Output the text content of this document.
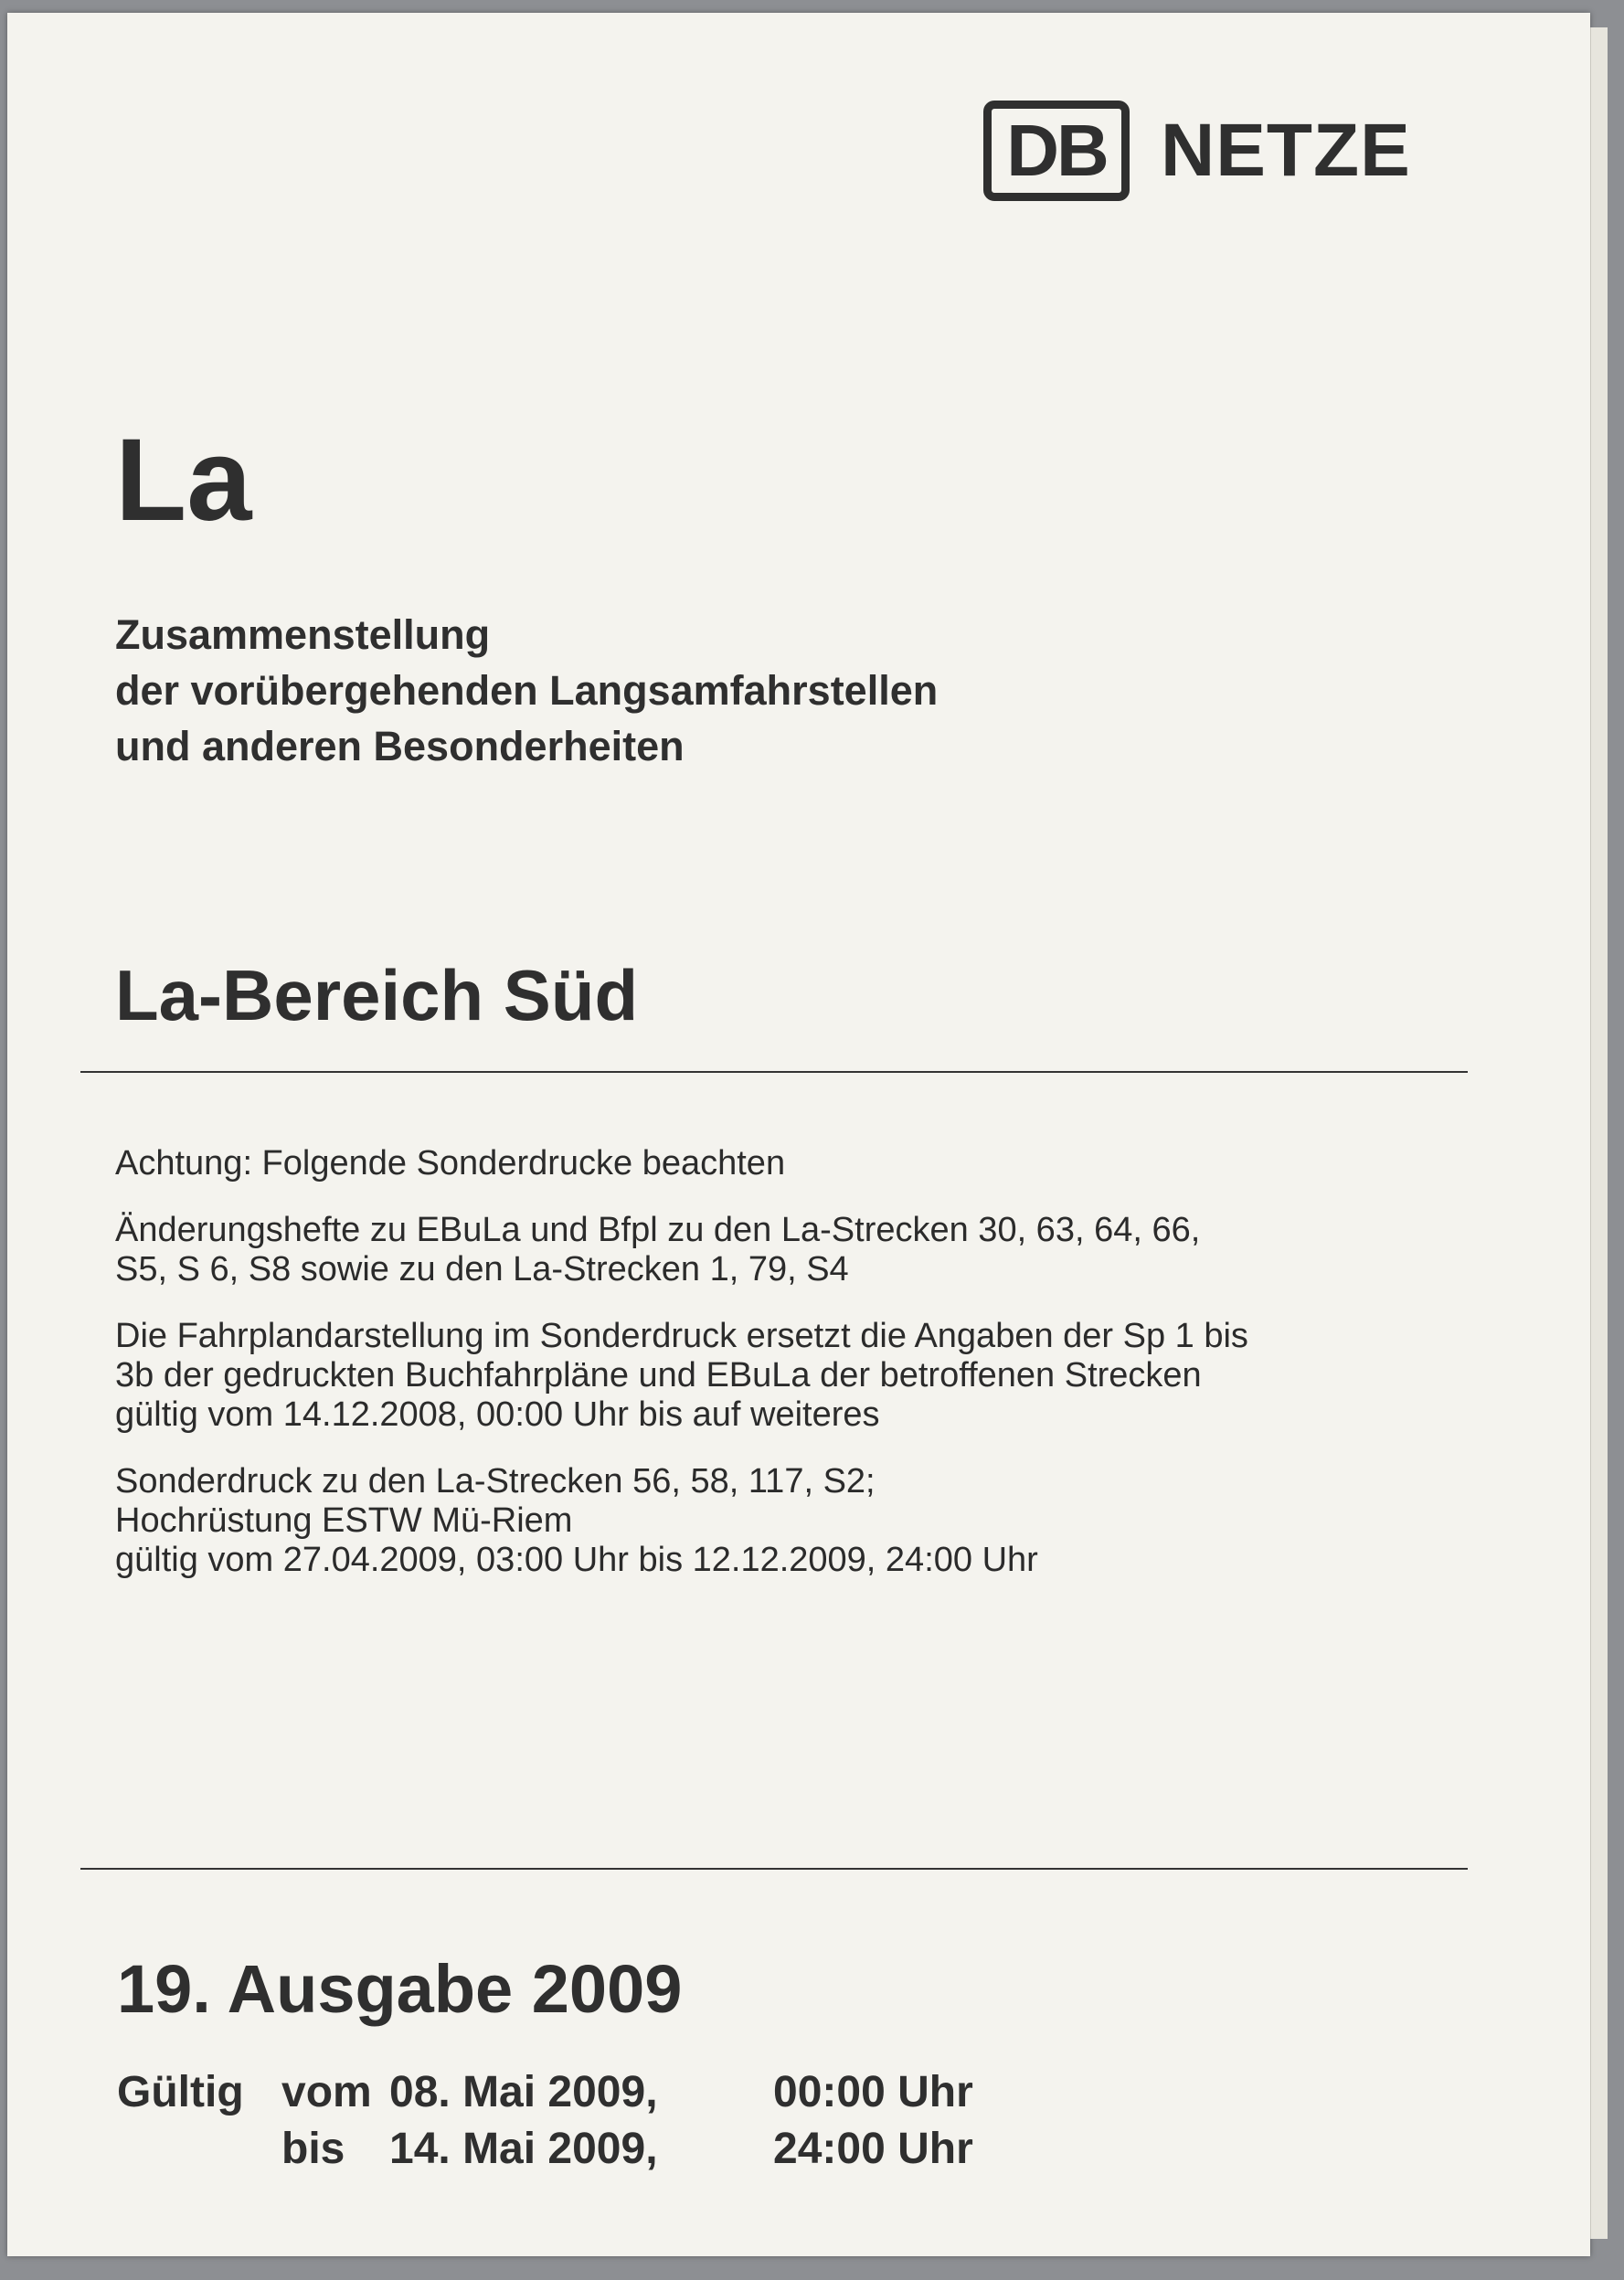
DB NETZE
La
Zusammenstellung
der vorübergehenden Langsamfahrstellen
und anderen Besonderheiten
La-Bereich Süd

Achtung: Folgende Sonderdrucke beachten

Änderungshefte zu EBuLa und Bfpl zu den La-Strecken 30, 63, 64, 66,
S5, S 6, S8 sowie zu den La-Strecken 1, 79, S4

Die Fahrplandarstellung im Sonderdruck ersetzt die Angaben der Sp 1 bis
3b der gedruckten Buchfahrpläne und EBuLa der betroffenen Strecken
gültig vom 14.12.2008, 00:00 Uhr bis auf weiteres

Sonderdruck zu den La-Strecken 56, 58, 117, S2;
Hochrüstung ESTW Mü-Riem
gültig vom 27.04.2009, 03:00 Uhr bis 12.12.2009, 24:00 Uhr

19. Ausgabe 2009
Gültig vom 08. Mai 2009,	00:00 Uhr
bis	14. Mai 2009,	24:00 Uhr
